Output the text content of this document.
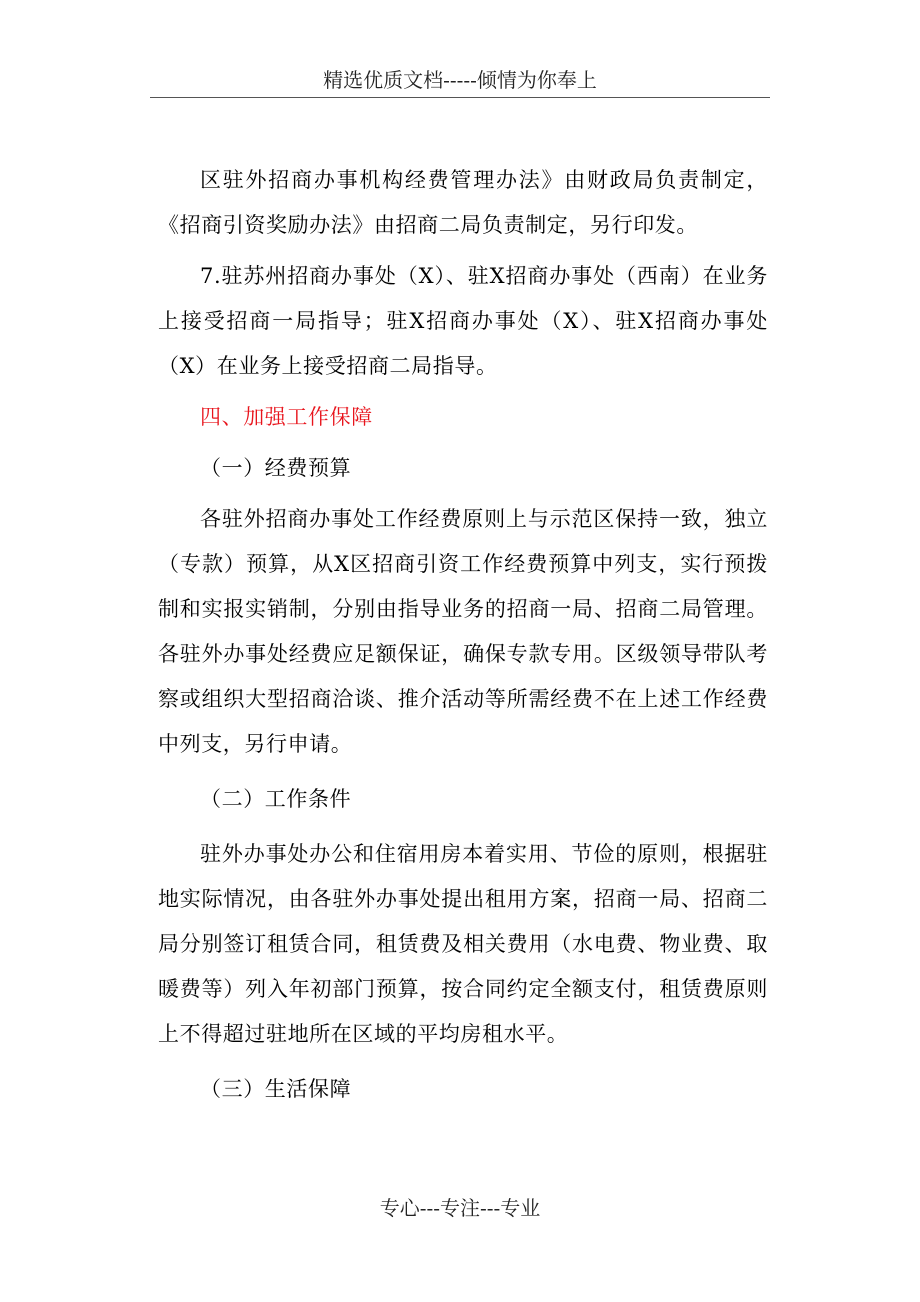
精选优质文档-----倾情为你奉上

区驻外招商办事机构经费管理办法》由财政局负责制定，《招商引资奖励办法》由招商二局负责制定，另行印发。

7.驻苏州招商办事处（X）、驻X招商办事处（西南）在业务上接受招商一局指导；驻X招商办事处（X）、驻X招商办事处（X）在业务上接受招商二局指导。

四、加强工作保障

（一）经费预算

各驻外招商办事处工作经费原则上与示范区保持一致，独立（专款）预算，从X区招商引资工作经费预算中列支，实行预拨制和实报实销制，分别由指导业务的招商一局、招商二局管理。各驻外办事处经费应足额保证，确保专款专用。区级领导带队考察或组织大型招商洽谈、推介活动等所需经费不在上述工作经费中列支，另行申请。

（二）工作条件

驻外办事处办公和住宿用房本着实用、节俭的原则，根据驻地实际情况，由各驻外办事处提出租用方案，招商一局、招商二局分别签订租赁合同，租赁费及相关费用（水电费、物业费、取暖费等）列入年初部门预算，按合同约定全额支付，租赁费原则上不得超过驻地所在区域的平均房租水平。

（三）生活保障

专心---专注---专业
